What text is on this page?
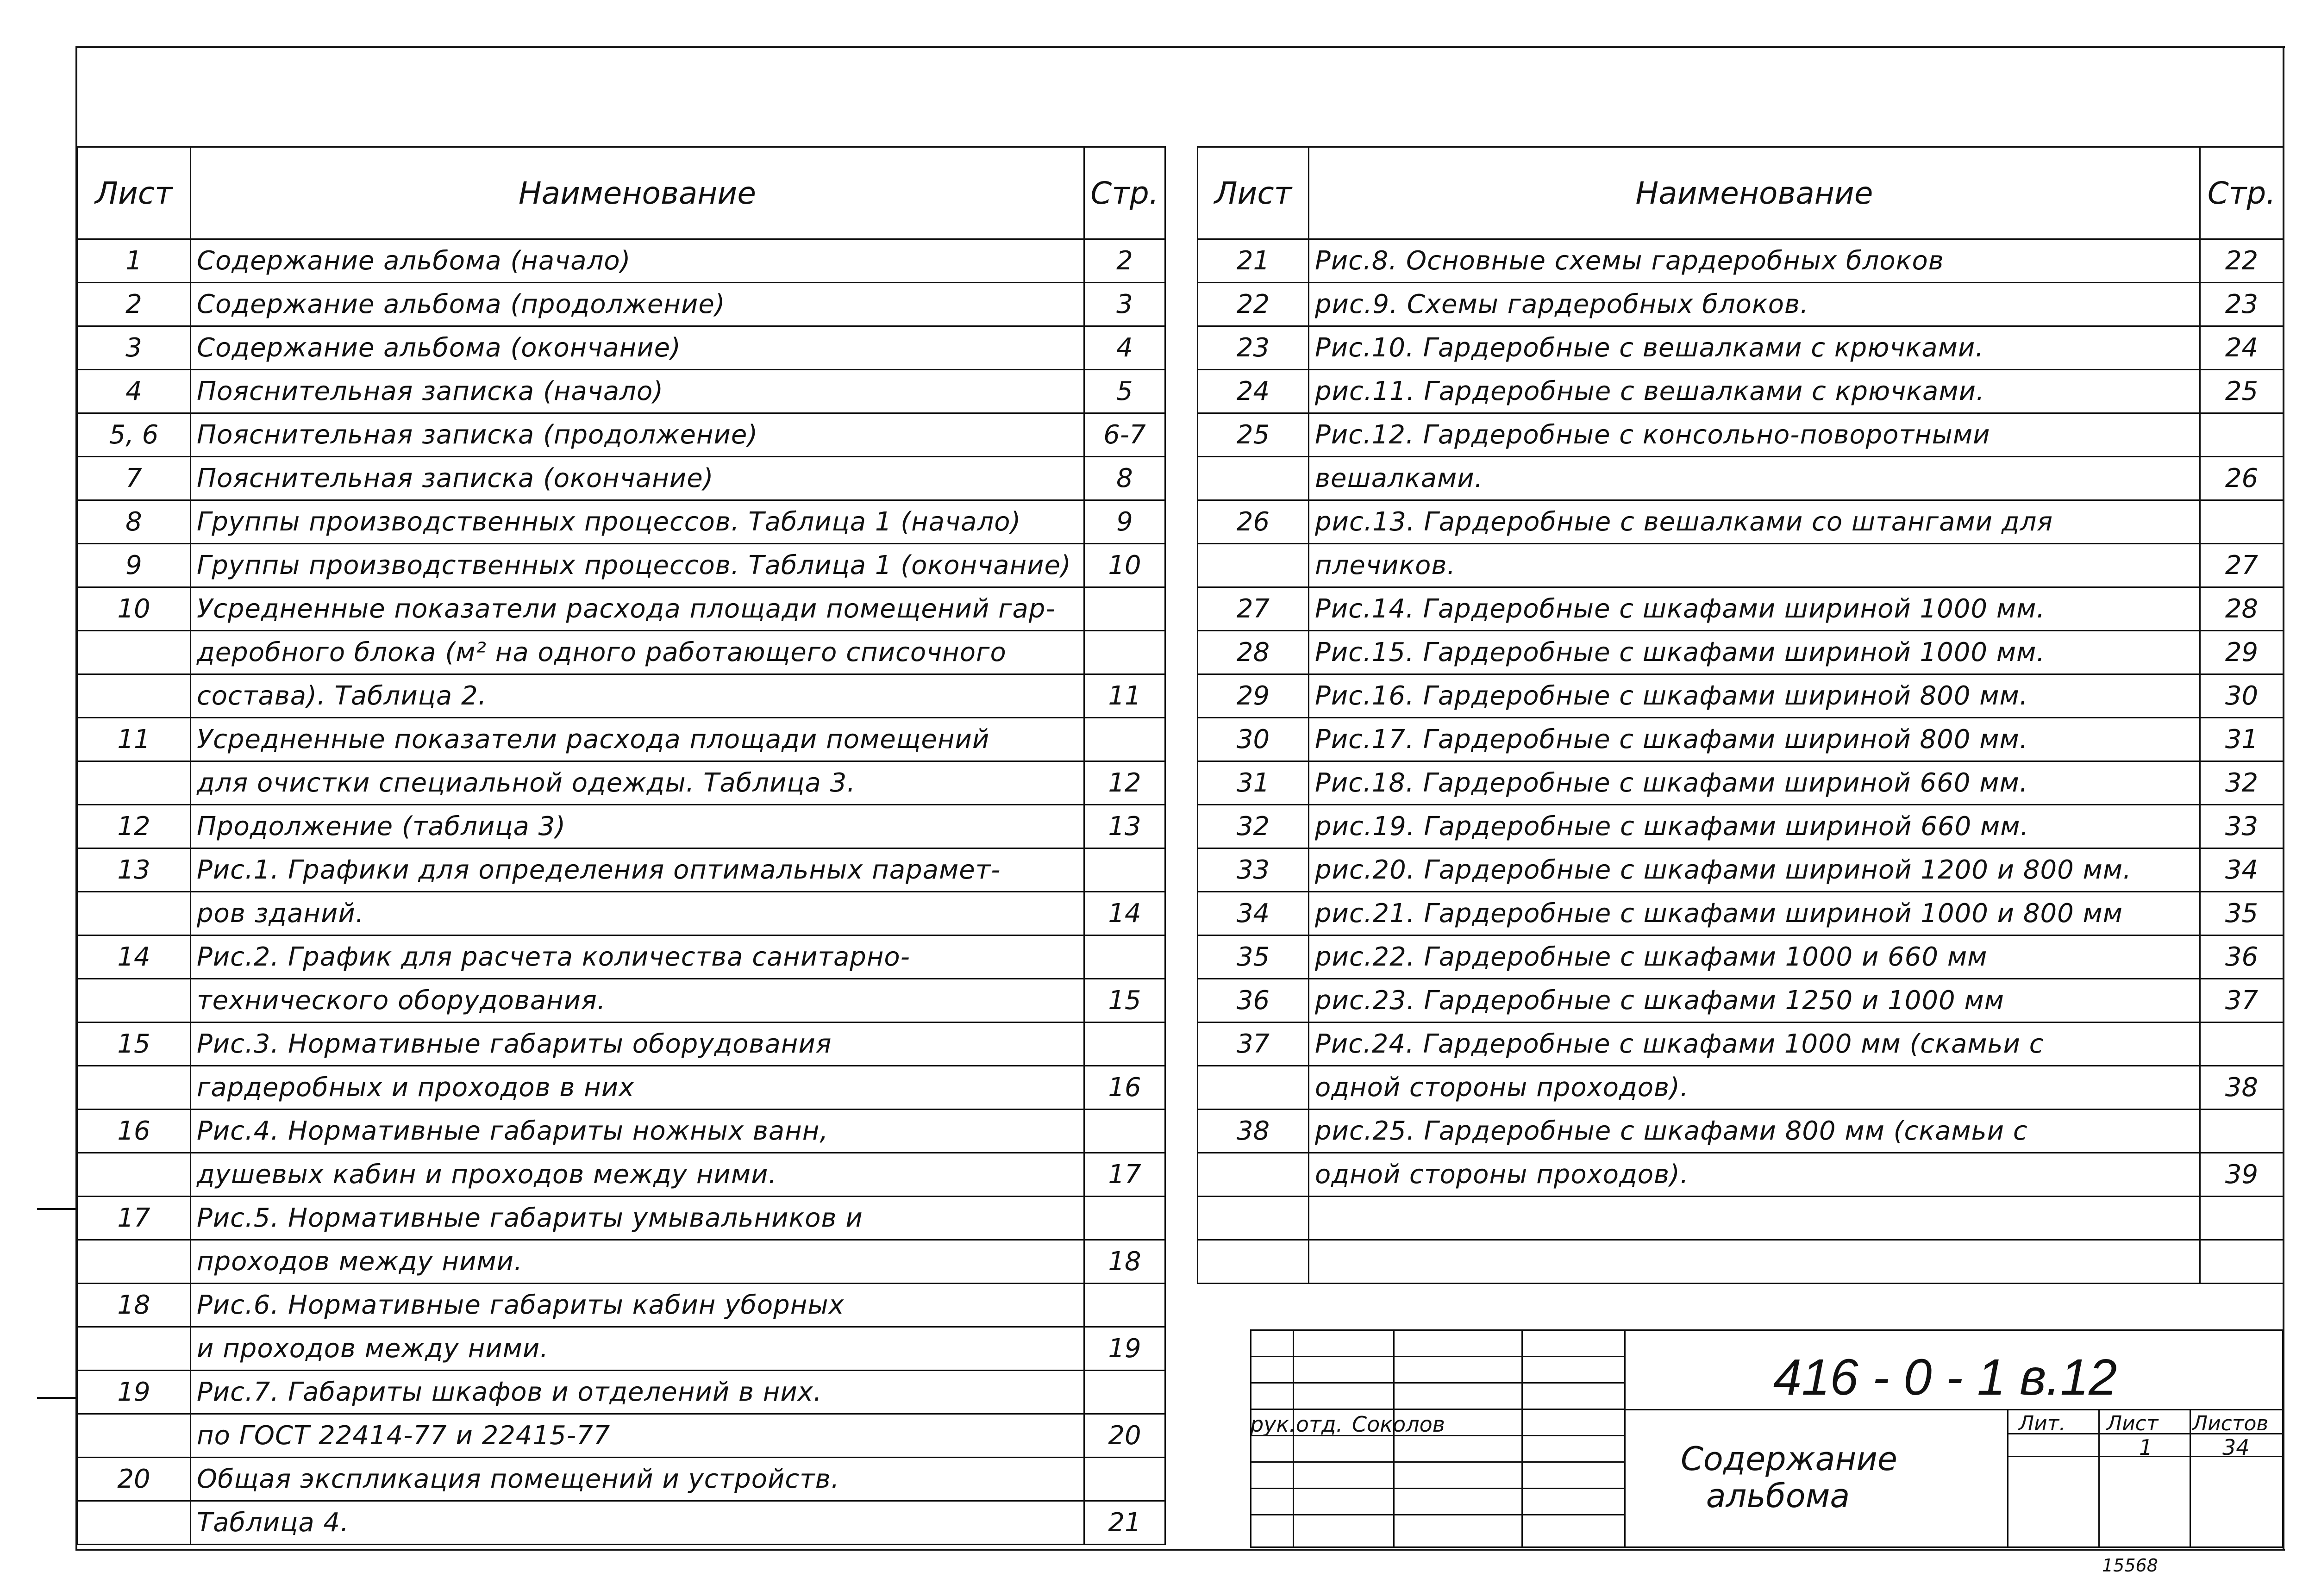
Лист	Наименование	Стр.
1	Содержание альбома (начало)	2
2	Содержание альбома (продолжение)	3
3	Содержание альбома (окончание)	4
4	Пояснительная записка (начало)	5
5, 6	Пояснительная записка (продолжение)	6-7
7	Пояснительная записка (окончание)	8
8	Группы производственных процессов. Таблица 1 (начало)	9
9	Группы производственных процессов. Таблица 1 (окончание)	10
10	Усредненные показатели расхода площади помещений гар-	
	деробного блока (м² на одного работающего списочного	
	состава). Таблица 2.	11
11	Усредненные показатели расхода площади помещений	
	для очистки специальной одежды. Таблица 3.	12
12	Продолжение (таблица 3)	13
13	Рис.1. Графики для определения оптимальных парамет-	
	ров зданий.	14
14	Рис.2. График для расчета количества санитарно-	
	технического оборудования.	15
15	Рис.3. Нормативные габариты оборудования	
	гардеробных и проходов в них	16
16	Рис.4. Нормативные габариты ножных ванн,	
	душевых кабин и проходов между ними.	17
17	Рис.5. Нормативные габариты умывальников и	
	проходов между ними.	18
18	Рис.6. Нормативные габариты кабин уборных	
	и проходов между ними.	19
19	Рис.7. Габариты шкафов и отделений в них.	
	по ГОСТ 22414-77 и 22415-77	20
20	Общая экспликация помещений и устройств.	
	Таблица 4.	21
Лист	Наименование	Стр.
21	Рис.8. Основные схемы гардеробных блоков	22
22	рис.9. Схемы гардеробных блоков.	23
23	Рис.10. Гардеробные с вешалками с крючками.	24
24	рис.11. Гардеробные с вешалками с крючками.	25
25	Рис.12. Гардеробные с консольно-поворотными	
	вешалками.	26
26	рис.13. Гардеробные с вешалками со штангами для	
	плечиков.	27
27	Рис.14. Гардеробные с шкафами шириной 1000 мм.	28
28	Рис.15. Гардеробные с шкафами шириной 1000 мм.	29
29	Рис.16. Гардеробные с шкафами шириной 800 мм.	30
30	Рис.17. Гардеробные с шкафами шириной 800 мм.	31
31	Рис.18. Гардеробные с шкафами шириной 660 мм.	32
32	рис.19. Гардеробные с шкафами шириной 660 мм.	33
33	рис.20. Гардеробные с шкафами шириной 1200 и 800 мм.	34
34	рис.21. Гардеробные с шкафами шириной 1000 и 800 мм	35
35	рис.22. Гардеробные с шкафами 1000 и 660 мм	36
36	рис.23. Гардеробные с шкафами 1250 и 1000 мм	37
37	Рис.24. Гардеробные с шкафами 1000 мм (скамьи с	
	одной стороны проходов).	38
38	рис.25. Гардеробные с шкафами 800 мм (скамьи с	
	одной стороны проходов).	39

416 - 0 - 1 в.12
рук.отд. Соколов
Содержание альбома
Лит. Лист Листов
1	34
15568
